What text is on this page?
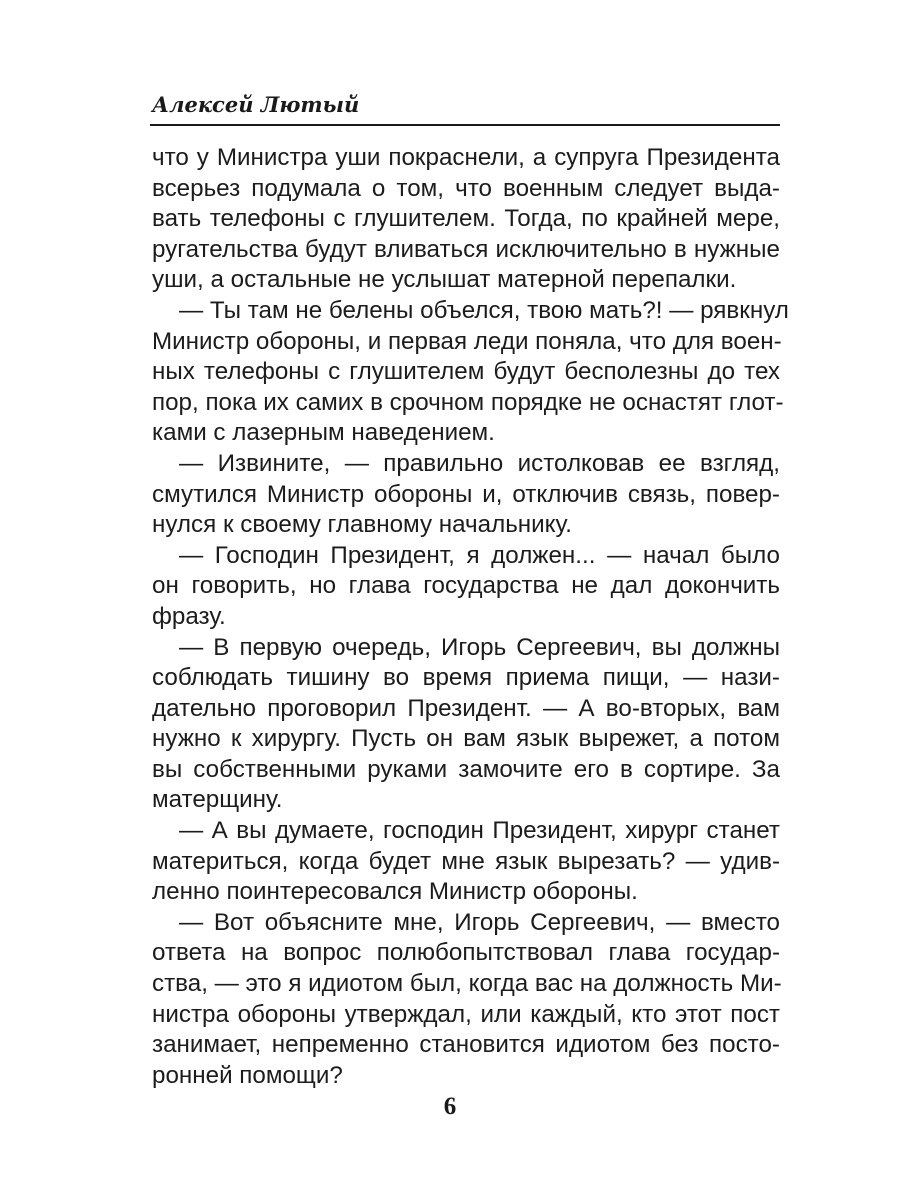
Алексей Лютый
что у Министра уши покраснели, а супруга Президента
всерьез подумала о том, что военным следует выда-
вать телефоны с глушителем. Тогда, по крайней мере,
ругательства будут вливаться исключительно в нужные
уши, а остальные не услышат матерной перепалки.
— Ты там не белены объелся, твою мать?! — рявкнул
Министр обороны, и первая леди поняла, что для воен-
ных телефоны с глушителем будут бесполезны до тех
пор, пока их самих в срочном порядке не оснастят глот-
ками с лазерным наведением.
— Извините, — правильно истолковав ее взгляд,
смутился Министр обороны и, отключив связь, повер-
нулся к своему главному начальнику.
— Господин Президент, я должен... — начал было
он говорить, но глава государства не дал докончить
фразу.
— В первую очередь, Игорь Сергеевич, вы должны
соблюдать тишину во время приема пищи, — нази-
дательно проговорил Президент. — А во-вторых, вам
нужно к хирургу. Пусть он вам язык вырежет, а потом
вы собственными руками замочите его в сортире. За
матерщину.
— А вы думаете, господин Президент, хирург станет
материться, когда будет мне язык вырезать? — удив-
ленно поинтересовался Министр обороны.
— Вот объясните мне, Игорь Сергеевич, — вместо
ответа на вопрос полюбопытствовал глава государ-
ства, — это я идиотом был, когда вас на должность Ми-
нистра обороны утверждал, или каждый, кто этот пост
занимает, непременно становится идиотом без посто-
ронней помощи?
6
